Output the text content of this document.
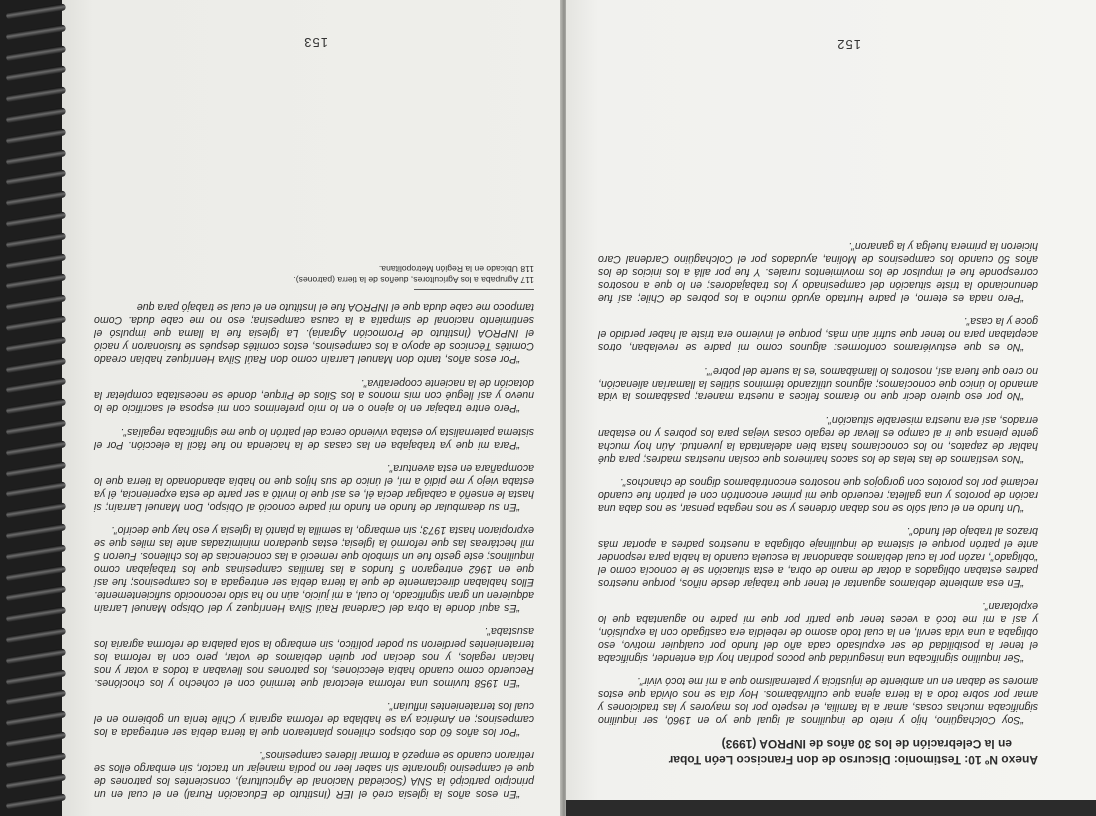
“En esos años la iglesia creó el IER (Instituto de Educación Rural) en el cual en un principio participó la SNA (Sociedad Nacional de Agricultura), conscientes los patrones de que el campesino ignorante sin saber leer no podía manejar un tractor, sin embargo ellos se retiraron cuando se empezó a formar líderes campesinos”.

“Por los años 60 dos obispos chilenos plantearon que la tierra debía ser entregada a los campesinos; en América ya se hablaba de reforma agraria y Chile tenía un gobierno en el cual los terratenientes influían”.

“En 1958 tuvimos una reforma electoral que terminó con el cohecho y los choclónes. Recuerdo como cuando había elecciones, los patrones nos llevaban a todos a votar y nos hacían regalos, y nos decían por quién debíamos de votar, pero con la reforma los terratenientes perdieron su poder político, sin embargo la sola palabra de reforma agraria los asustaba”.

“Es aquí donde la obra del Cardenal Raúl Silva Henríquez y del Obispo Manuel Larraín adquieren un gran significado, lo cual, a mi juicio, aún no ha sido reconocido suficientemente. Ellos hablaban directamente de que la tierra debía ser entregada a los campesinos; fue así que en 1962 entregaron 5 fundos a las familias campesinas que los trabajaban como inquilinos; este gesto fue un símbolo que remeció a las conciencias de los chilenos. Fueron 5 mil hectáreas las que reformó la Iglesia; estas quedaron minimizadas ante las miles que se expropiaron hasta 1973; sin embargo, la semilla la plantó la Iglesia y eso hay que decirlo”.

“En su deambular de fundo en fundo mi padre conoció al Obispo, Don Manuel Larraín; si hasta le enseñó a cabalgar decía él, es así que lo invitó a ser parte de esta experiencia, él ya estaba viejo y me pidió a mí, el único de sus hijos que no había abandonado la tierra que lo acompañara en esta aventura”.

“Para mi que ya trabajaba en las casas de la hacienda no fue fácil la elección. Por el sistema paternalista yo estaba viviendo cerca del patrón lo que me significaba regalías”.

“Pero entre trabajar en lo ajeno o en lo mío preferimos con mi esposa el sacrificio de lo nuevo y así llegué con mis monos a los Silos de Pirque, donde se necesitaba completar la dotación de la naciente cooperativa”.

“Por esos años, tanto don Manuel Larraín como don Raúl Silva Henríquez habían creado Comités Técnicos de apoyo a los campesinos, estos comités después se fusionaron y nació el INPROA (Instituto de Promoción Agraria). La Iglesia fue la llama que impulsó el sentimiento nacional de simpatía a la causa campesina; eso no me cabe duda. Como tampoco me cabe duda que el INPROA fue el Instituto en el cual se trabajó para que

117 Agrupaba a los Agricultores, dueños de la tierra (patrones).

118 Ubicado en la Región Metropolitana.

153
Anexo Nº 10: Testimonio: Discurso de don Francisco León Tobar
en la Celebración de los 30 años de INPROA (1993)

“Soy Colchagüino, hijo y nieto de inquilinos al igual que yo en 1960, ser inquilino significaba muchas cosas, amar a la familia, el respeto por los mayores y las tradiciones y amar por sobre todo a la tierra ajena que cultivábamos. Hoy día se nos olvida que estos amores se daban en un ambiente de injusticia y paternalismo que a mí me tocó vivir”.

“Ser inquilino significaba una inseguridad que pocos podrían hoy día entender, significaba el tener la posibilidad de ser expulsado cada año del fundo por cualquier motivo, eso obligaba a una vida servil, en la cual todo asomo de rebeldía era castigado con la expulsión, y así a mi me tocó a veces tener que partir por que mi padre no aguantaba que lo explotaran”.

“En esa ambiente debíamos aguantar el tener que trabajar desde niños, porque nuestros padres estaban obligados a dotar de mano de obra, a esta situación se le conocía como el “obligado”, razón por la cual debíamos abandonar la escuela cuando la había para responder ante el patrón porque el sistema de inquilinaje obligaba a nuestros padres a aportar más brazos al trabajo del fundo”.

“Un fundo en el cual sólo se nos daban órdenes y se nos negaba pensar, se nos daba una ración de porotos y una galleta; recuerdo que mi primer encontrón con el patrón fue cuando reclamé por los porotos con gorgojos que nosotros encontrábamos dignos de chanchos”.

“Nos vestíamos de las telas de los sacos harineros que cosían nuestras madres; para qué hablar de zapatos, no los conocíamos hasta bien adelantada la juventud. Aún hoy mucha gente piensa que ir al campo es llevar de regalo cosas viejas para los pobres y no estaban errados, así era nuestra miserable situación”.

“No por eso quiero decir que no éramos felices a nuestra manera; pasábamos la vida amando lo único que conocíamos; algunos utilizando términos sútiles la llamarían alienación, no creo que fuera así, nosotros lo llamábamos ‘es la suerte del pobre’”.

“No es que estuviéramos conformes: algunos como mi padre se revelaban, otros aceptaban para no tener que sufrir aún más, porque el invierno era triste al haber perdido el goce y la casa”.

“Pero nada es eterno, el padre Hurtado ayudó mucho a los pobres de Chile; así fue denunciando la triste situación del campesinado y los trabajadores; en lo que a nosotros corresponde fue el impulsor de los movimientos rurales. Y fue por allá a los inicios de los años 50 cuando los campesinos de Molina, ayudados por el Colchagüino Cardenal Caro hicieron la primera huelga y la ganaron”.

152
